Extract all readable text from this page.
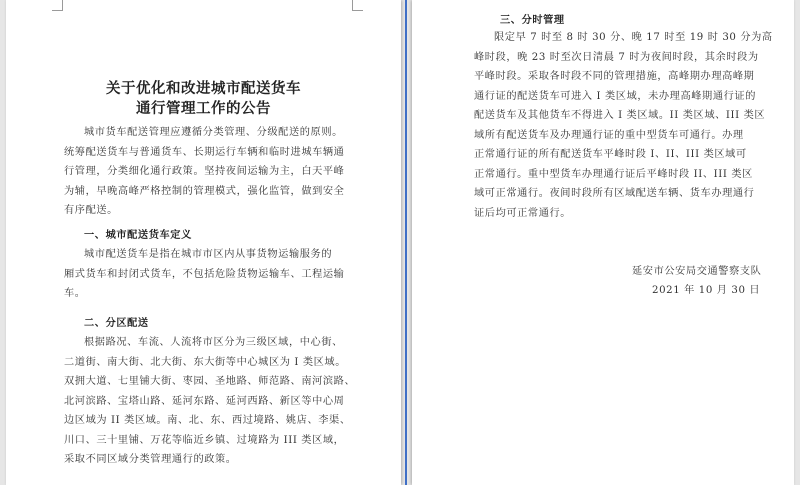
关于优化和改进城市配送货车
通行管理工作的公告
城市货车配送管理应遵循分类管理、分级配送的原则。
统筹配送货车与普通货车、长期运行车辆和临时进城车辆通
行管理，分类细化通行政策。坚持夜间运输为主，白天平峰
为辅，早晚高峰严格控制的管理模式，强化监管，做到安全
有序配送。
一、城市配送货车定义
城市配送货车是指在城市市区内从事货物运输服务的
厢式货车和封闭式货车，不包括危险货物运输车、工程运输
车。
二、分区配送
根据路况、车流、人流将市区分为三级区域，中心街、
二道街、南大街、北大街、东大街等中心城区为 I 类区域。
双拥大道、七里铺大街、枣园、圣地路、师范路、南河滨路、
北河滨路、宝塔山路、延河东路、延河西路、新区等中心周
边区域为 II 类区域。南、北、东、西过境路、姚店、李渠、
川口、三十里铺、万花等临近乡镇、过境路为 III 类区域，
采取不同区域分类管理通行的政策。
三、分时管理
限定早 7 时至 8 时 30 分、晚 17 时至 19 时 30 分为高
峰时段，晚 23 时至次日清晨 7 时为夜间时段，其余时段为
平峰时段。采取各时段不同的管理措施，高峰期办理高峰期
通行证的配送货车可进入 I 类区域，未办理高峰期通行证的
配送货车及其他货车不得进入 I 类区域。II 类区域、III 类区
域所有配送货车及办理通行证的重中型货车可通行。办理
正常通行证的所有配送货车平峰时段 I、II、III 类区域可
正常通行。重中型货车办理通行证后平峰时段 II、III 类区
域可正常通行。夜间时段所有区域配送车辆、货车办理通行
证后均可正常通行。
延安市公安局交通警察支队
2021 年 10 月 30 日
